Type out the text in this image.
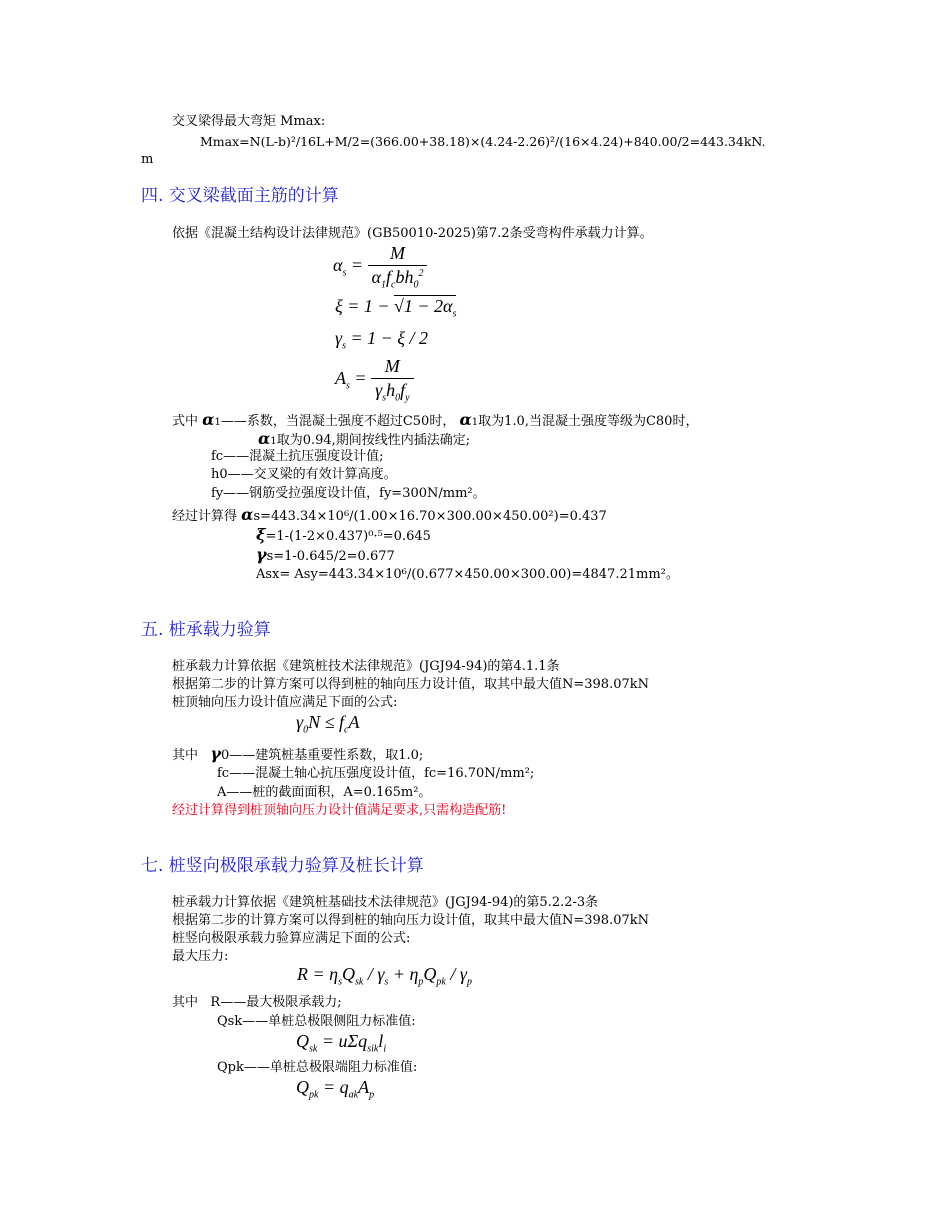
交叉梁得最大弯矩 Mmax:
Mmax=N(L-b)²/16L+M/2=(366.00+38.18)×(4.24-2.26)²/(16×4.24)+840.00/2=443.34kN.
m
四. 交叉梁截面主筋的计算
依据《混凝土结构设计法律规范》(GB50010-2025)第7.2条受弯构件承载力计算。
$\alpha_s = \frac{M}{\alpha_1f_cbh_0^2}$
$\xi = 1 - √1 - 2\alpha_s$
$\gamma_s = 1 - \xi / 2$
$A_s = \frac{M}{\gamma_sh_0f_y}$
式中 α1——系数，当混凝土强度不超过C50时， α1取为1.0,当混凝土强度等级为C80时，
α1取为0.94,期间按线性内插法确定;
fc——混凝土抗压强度设计值;
h0——交叉梁的有效计算高度。
fy——钢筋受拉强度设计值，fy=300N/mm²。
经过计算得 αs=443.34×10⁶/(1.00×16.70×300.00×450.00²)=0.437
ξ=1-(1-2×0.437)⁰·⁵=0.645
γs=1-0.645/2=0.677
Asx= Asy=443.34×10⁶/(0.677×450.00×300.00)=4847.21mm²。
五. 桩承载力验算
桩承载力计算依据《建筑桩技术法律规范》(JGJ94-94)的第4.1.1条
根据第二步的计算方案可以得到桩的轴向压力设计值，取其中最大值N=398.07kN
桩顶轴向压力设计值应满足下面的公式:
$\gamma_0N \le f_cA$
其中 γ0——建筑桩基重要性系数，取1.0;
fc——混凝土轴心抗压强度设计值，fc=16.70N/mm²;
A——桩的截面面积，A=0.165m²。
经过计算得到桩顶轴向压力设计值满足要求,只需构造配筋!
七. 桩竖向极限承载力验算及桩长计算
桩承载力计算依据《建筑桩基础技术法律规范》(JGJ94-94)的第5.2.2-3条
根据第二步的计算方案可以得到桩的轴向压力设计值，取其中最大值N=398.07kN
桩竖向极限承载力验算应满足下面的公式:
最大压力:
$R = \eta_sQ_{sk} / \gamma_s + \eta_pQ_{pk} / \gamma_p$
其中 R——最大极限承载力;
Qsk——单桩总极限侧阻力标准值:
$Q_{sk} = u\Sigma q_{sik}l_i$
Qpk——单桩总极限端阻力标准值:
$Q_{pk} = q_{ak}A_p$
